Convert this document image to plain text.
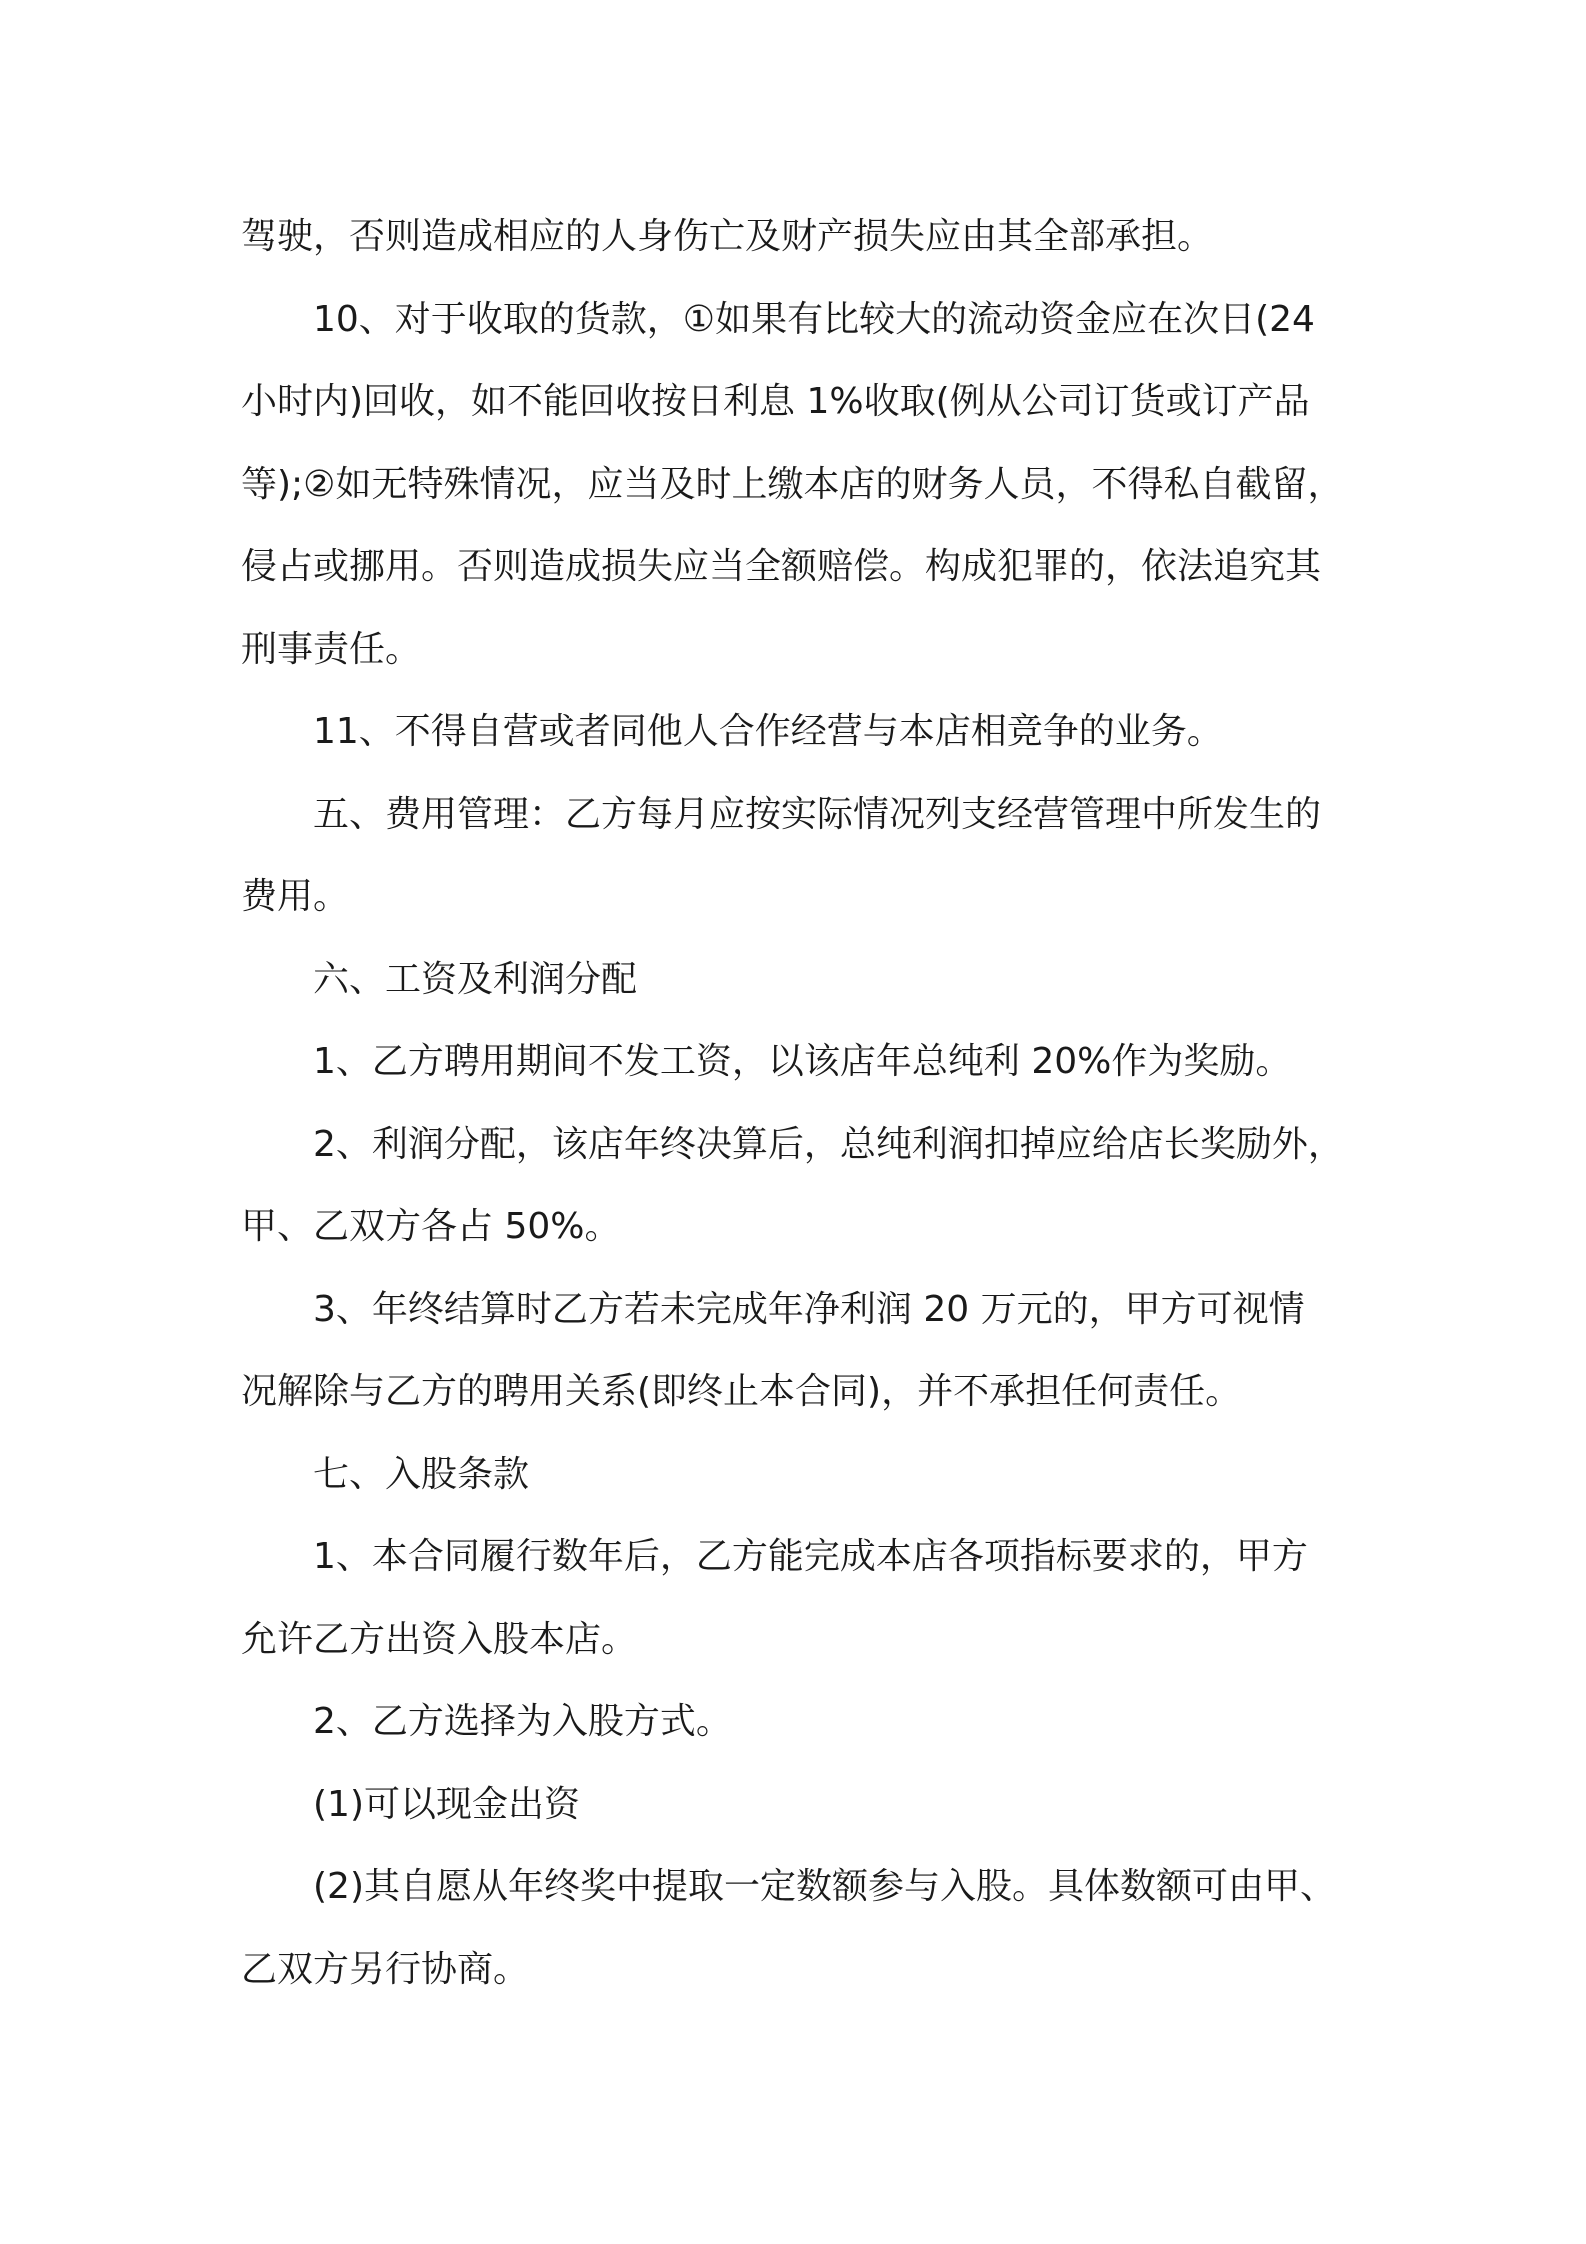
驾驶，否则造成相应的人身伤亡及财产损失应由其全部承担。
10、对于收取的货款，①如果有比较大的流动资金应在次日(24
小时内)回收，如不能回收按日利息 1%收取(例从公司订货或订产品
等);②如无特殊情况，应当及时上缴本店的财务人员，不得私自截留，
侵占或挪用。否则造成损失应当全额赔偿。构成犯罪的，依法追究其
刑事责任。
11、不得自营或者同他人合作经营与本店相竞争的业务。
五、费用管理：乙方每月应按实际情况列支经营管理中所发生的
费用。
六、工资及利润分配
1、乙方聘用期间不发工资，以该店年总纯利 20%作为奖励。
2、利润分配，该店年终决算后，总纯利润扣掉应给店长奖励外，
甲、乙双方各占 50%。
3、年终结算时乙方若未完成年净利润 20 万元的，甲方可视情
况解除与乙方的聘用关系(即终止本合同)，并不承担任何责任。
七、入股条款
1、本合同履行数年后，乙方能完成本店各项指标要求的，甲方
允许乙方出资入股本店。
2、乙方选择为入股方式。
(1)可以现金出资
(2)其自愿从年终奖中提取一定数额参与入股。具体数额可由甲、
乙双方另行协商。
